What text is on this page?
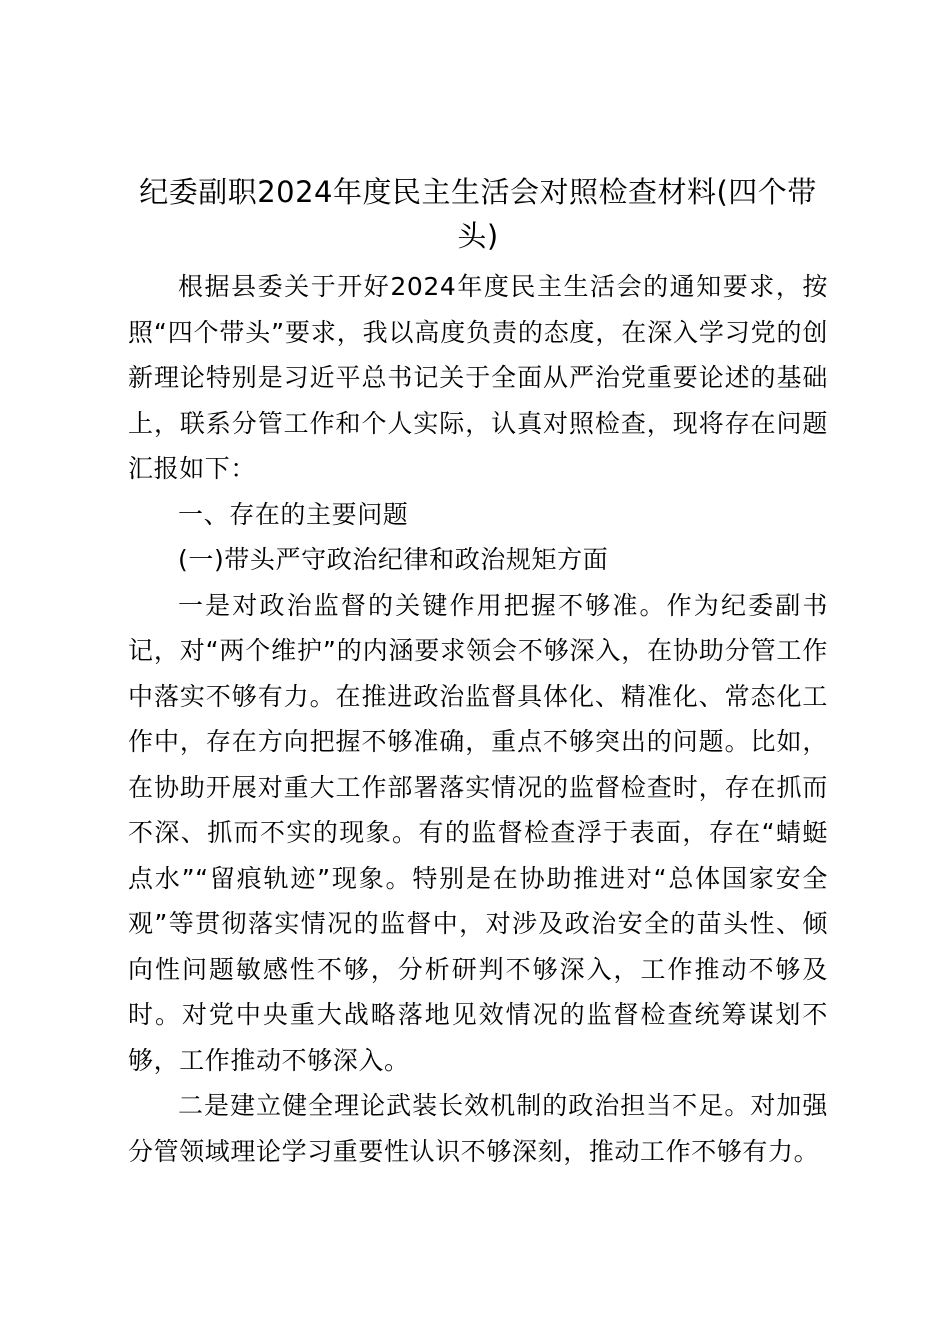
纪委副职2024年度民主生活会对照检查材料(四个带头)

根据县委关于开好2024年度民主生活会的通知要求，按照“四个带头”要求，我以高度负责的态度，在深入学习党的创新理论特别是习近平总书记关于全面从严治党重要论述的基础上，联系分管工作和个人实际，认真对照检查，现将存在问题汇报如下：

一、存在的主要问题

(一)带头严守政治纪律和政治规矩方面

一是对政治监督的关键作用把握不够准。作为纪委副书记，对“两个维护”的内涵要求领会不够深入，在协助分管工作中落实不够有力。在推进政治监督具体化、精准化、常态化工作中，存在方向把握不够准确，重点不够突出的问题。比如，在协助开展对重大工作部署落实情况的监督检查时，存在抓而不深、抓而不实的现象。有的监督检查浮于表面，存在“蜻蜓点水”“留痕轨迹”现象。特别是在协助推进对“总体国家安全观”等贯彻落实情况的监督中，对涉及政治安全的苗头性、倾向性问题敏感性不够，分析研判不够深入，工作推动不够及时。对党中央重大战略落地见效情况的监督检查统筹谋划不够，工作推动不够深入。

二是建立健全理论武装长效机制的政治担当不足。对加强分管领域理论学习重要性认识不够深刻，推动工作不够有力。
